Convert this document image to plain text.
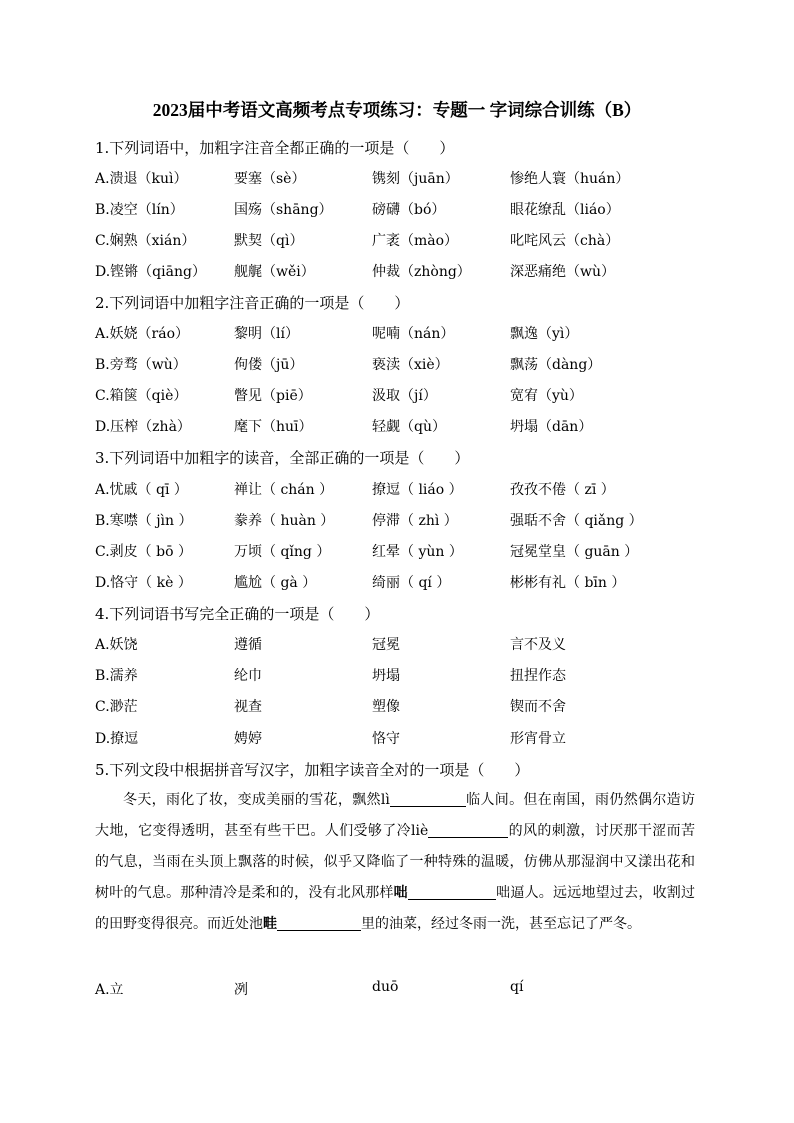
2023届中考语文高频考点专项练习：专题一 字词综合训练（B）
1.下列词语中，加粗字注音全都正确的一项是（　　）
A.溃退（kuì）	要塞（sè）	镌刻（juān）	惨绝人寰（huán）
B.凌空（lín）	国殇（shāng）	磅礴（bó）	眼花缭乱（liáo）
C.娴熟（xián）	默契（qì）	广袤（mào）	叱咤风云（chà）
D.铿锵（qiāng） 舰艉（wěi）	仲裁（zhòng）	深恶痛绝（wù）
2.下列词语中加粗字注音正确的一项是（　　）
A.妖娆（ráo）	黎明（lí）	呢喃（nán）	飘逸（yì）
B.旁骛（wù）	佝偻（jū）	亵渎（xiè）	飘荡（dàng）
C.箱箧（qiè）	瞥见（piē）	汲取（jí）	宽宥（yù）
D.压榨（zhà）	麾下（huī）	轻觑（qù）	坍塌（dān）
3.下列词语中加粗字的读音，全部正确的一项是（　　）
A.忧戚（ qī ）	禅让（ chán ）	撩逗（ liáo ）	孜孜不倦（ zī ）
B.寒噤（ jìn ）	豢养（ huàn ）	停滞（ zhì ）	强聒不舍（ qiǎng ）
C.剥皮（ bō ）	万顷（ qǐng ）	红晕（ yùn ）	冠冕堂皇（ guān ）
D.恪守（ kè ）	尴尬（ gà ）	绮丽（ qí ）	彬彬有礼（ bīn ）
4.下列词语书写完全正确的一项是（　　）
A.妖饶	遵循	冠冕	言不及义
B.濡养	纶巾	坍塌	扭捏作态
C.渺茫	视查	塑像	锲而不舍
D.撩逗	娉婷	恪守	形宵骨立
5.下列文段中根据拼音写汉字，加粗字读音全对的一项是（　　）

冬天，雨化了妆，变成美丽的雪花，飘然lì	临人间。但在南国，雨仍然偶尔造访大地，它变得透明，甚至有些干巴。人们受够了冷liè	的风的刺激，讨厌那干涩而苦的气息，当雨在头顶上飘落的时候，似乎又降临了一种特殊的温暖，仿佛从那湿润中又漾出花和树叶的气息。那种清冷是柔和的，没有北风那样咄	咄逼人。远远地望过去，收割过的田野变得很亮。而近处池畦	里的油菜，经过冬雨一洗，甚至忘记了严冬。

A.立	冽	duō	qí
